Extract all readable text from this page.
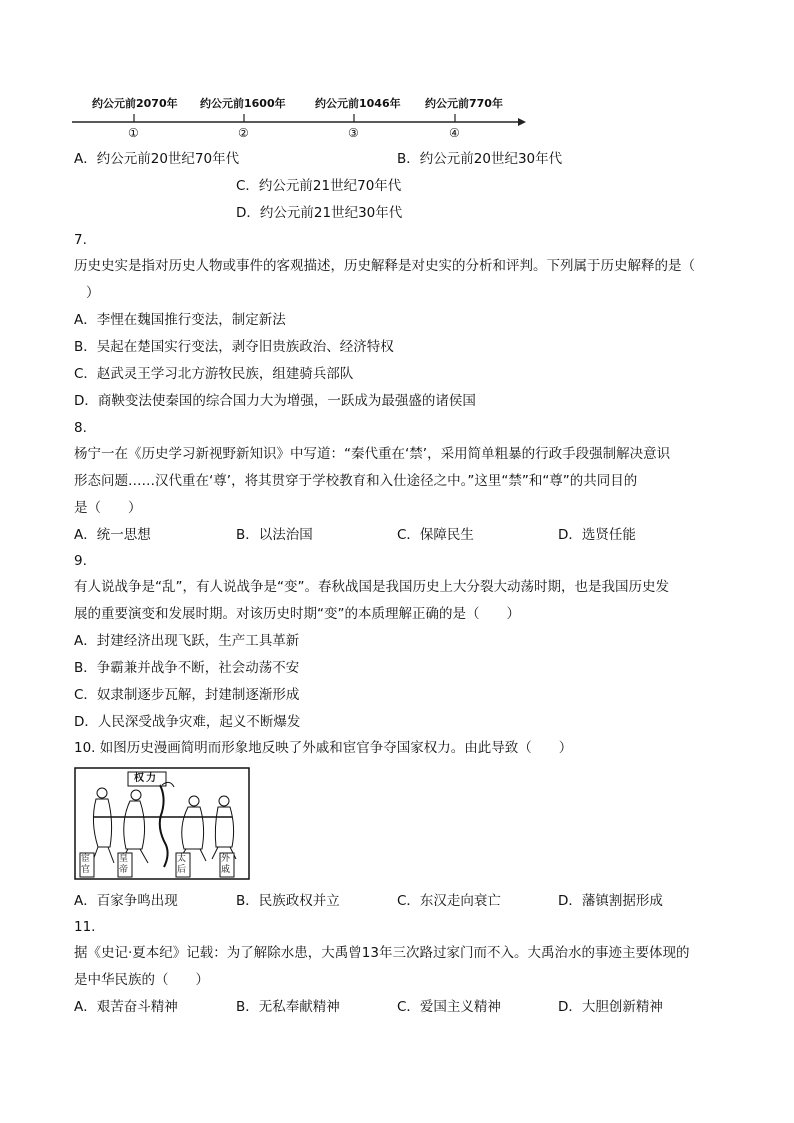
约公元前2070年 约公元前1600年	约公元前1046年 约公元前770年
①	②	③	④
A．约公元前20世纪70年代	B．约公元前20世纪30年代
C．约公元前21世纪70年代
D．约公元前21世纪30年代
7.
历史史实是指对历史人物或事件的客观描述，历史解释是对史实的分析和评判。下列属于历史解释的是（
）
A．李悝在魏国推行变法，制定新法
B．吴起在楚国实行变法，剥夺旧贵族政治、经济特权
C．赵武灵王学习北方游牧民族，组建骑兵部队
D．商鞅变法使秦国的综合国力大为增强，一跃成为最强盛的诸侯国
8.
杨宁一在《历史学习新视野新知识》中写道：“秦代重在‘禁’，采用简单粗暴的行政手段强制解决意识
形态问题……汉代重在‘尊’，将其贯穿于学校教育和入仕途径之中。”这里“禁”和“尊”的共同目的
是（　　）
A．统一思想	B．以法治国	C．保障民生	D．选贤任能
9.
有人说战争是“乱”，有人说战争是“变”。春秋战国是我国历史上大分裂大动荡时期，也是我国历史发
展的重要演变和发展时期。对该历史时期“变”的本质理解正确的是（　　）
A．封建经济出现飞跃，生产工具革新
B．争霸兼并战争不断，社会动荡不安
C．奴隶制逐步瓦解，封建制逐渐形成
D．人民深受战争灾难，起义不断爆发
10. 如图历史漫画简明而形象地反映了外戚和宦官争夺国家权力。由此导致（　　）
权力
宦官
皇帝
太后
外戚
A．百家争鸣出现	B．民族政权并立	C．东汉走向衰亡	D．藩镇割据形成
11.
据《史记·夏本纪》记载：为了解除水患，大禹曾13年三次路过家门而不入。大禹治水的事迹主要体现的
是中华民族的（　　）
A．艰苦奋斗精神	B．无私奉献精神	C．爱国主义精神	D．大胆创新精神
